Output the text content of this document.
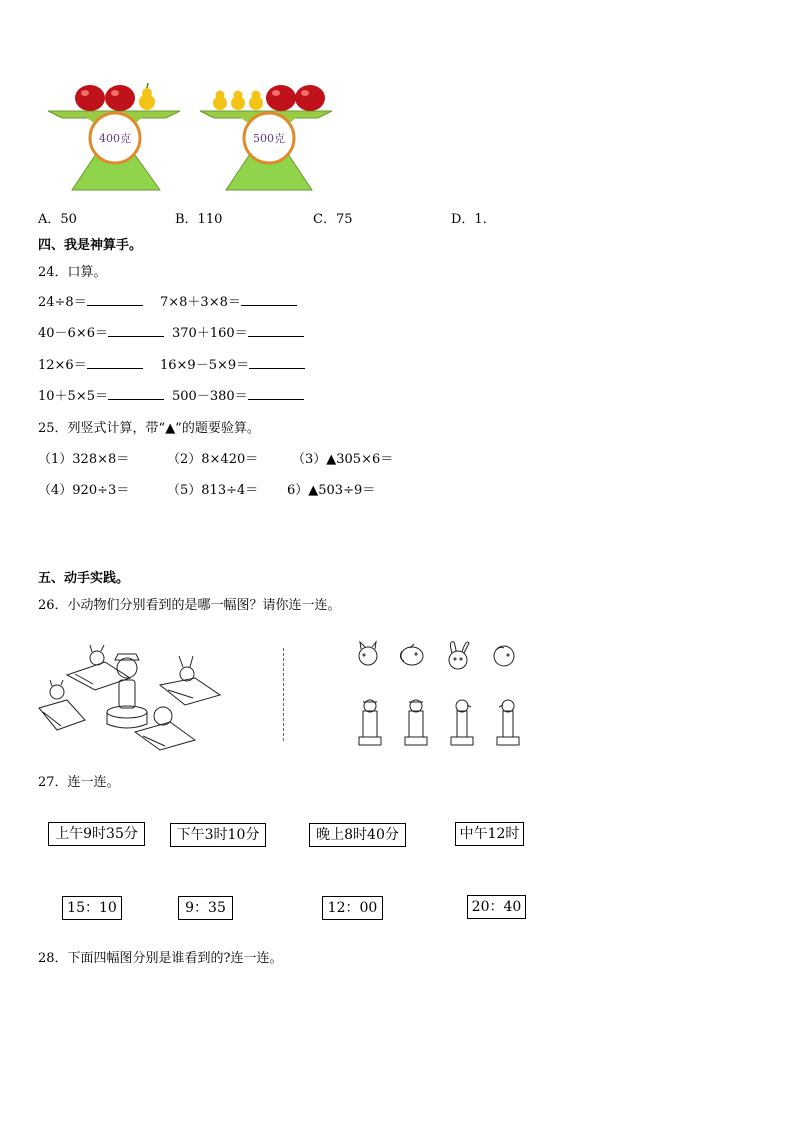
400克	500克
A．50	B．110	C．75	D．1．
四、我是神算手。
24．口算。
24÷8＝	7×8＋3×8＝
40－6×6＝	370＋160＝
12×6＝	16×9－5×9＝
10＋5×5＝	500－380＝
25．列竖式计算，带“▲”的题要验算。
（1）328×8＝	（2）8×420＝	（3）▲305×6＝
（4）920÷3＝	（5）813÷4＝ 6）▲503÷9＝
五、动手实践。
26．小动物们分别看到的是哪一幅图？请你连一连。
27．连一连。
上午9时35分	下午3时10分	晚上8时40分	中午12时
15：10	9：35	12：00	20：40
28．下面四幅图分别是谁看到的?连一连。
